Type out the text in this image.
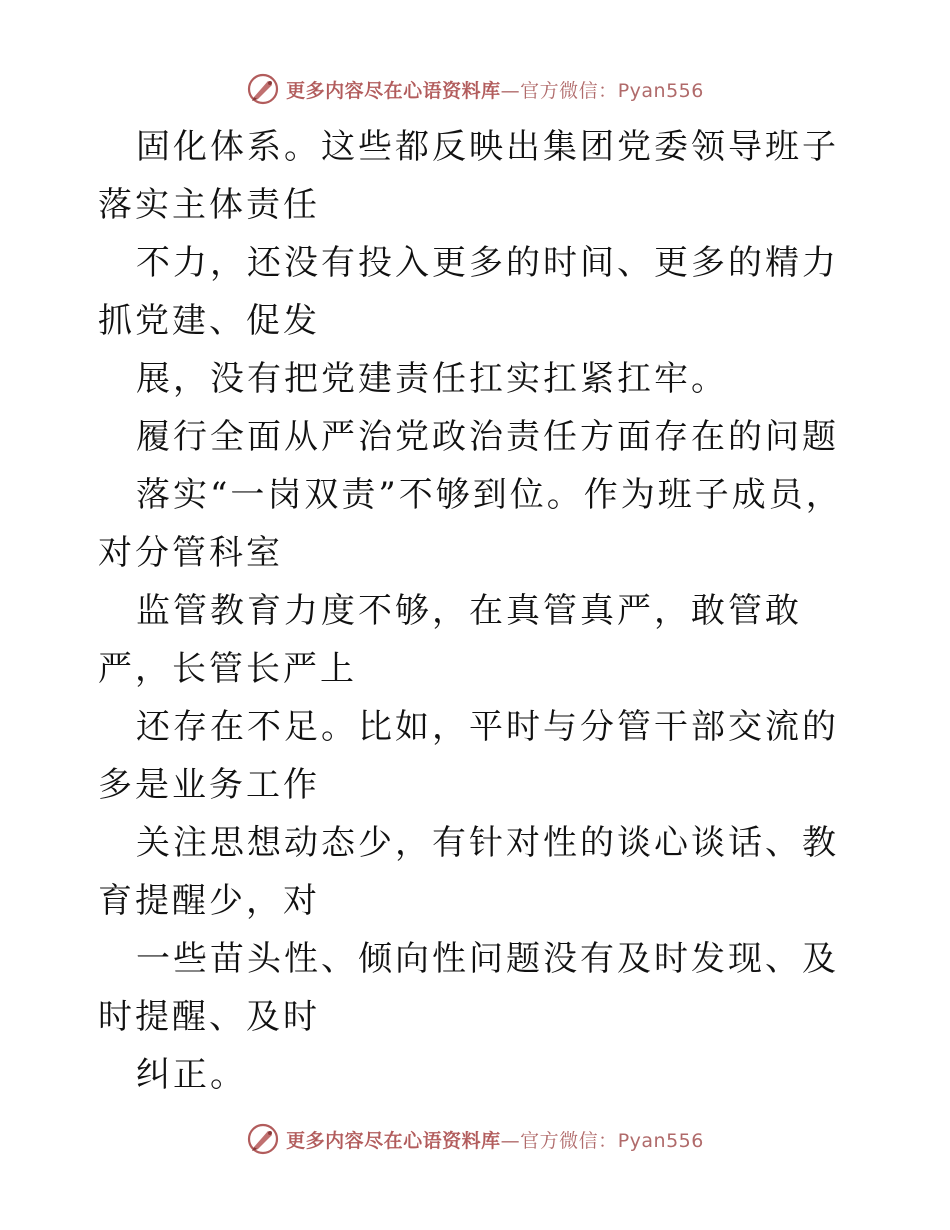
更多内容尽在心语资料库—官方微信：Pyan556

固化体系。这些都反映出集团党委领导班子落实主体责任

不力，还没有投入更多的时间、更多的精力抓党建、促发

展，没有把党建责任扛实扛紧扛牢。

履行全面从严治党政治责任方面存在的问题

落实“一岗双责”不够到位。作为班子成员，对分管科室

监管教育力度不够，在真管真严，敢管敢严，长管长严上

还存在不足。比如，平时与分管干部交流的多是业务工作

关注思想动态少，有针对性的谈心谈话、教育提醒少，对

一些苗头性、倾向性问题没有及时发现、及时提醒、及时

纠正。

更多内容尽在心语资料库—官方微信：Pyan556
